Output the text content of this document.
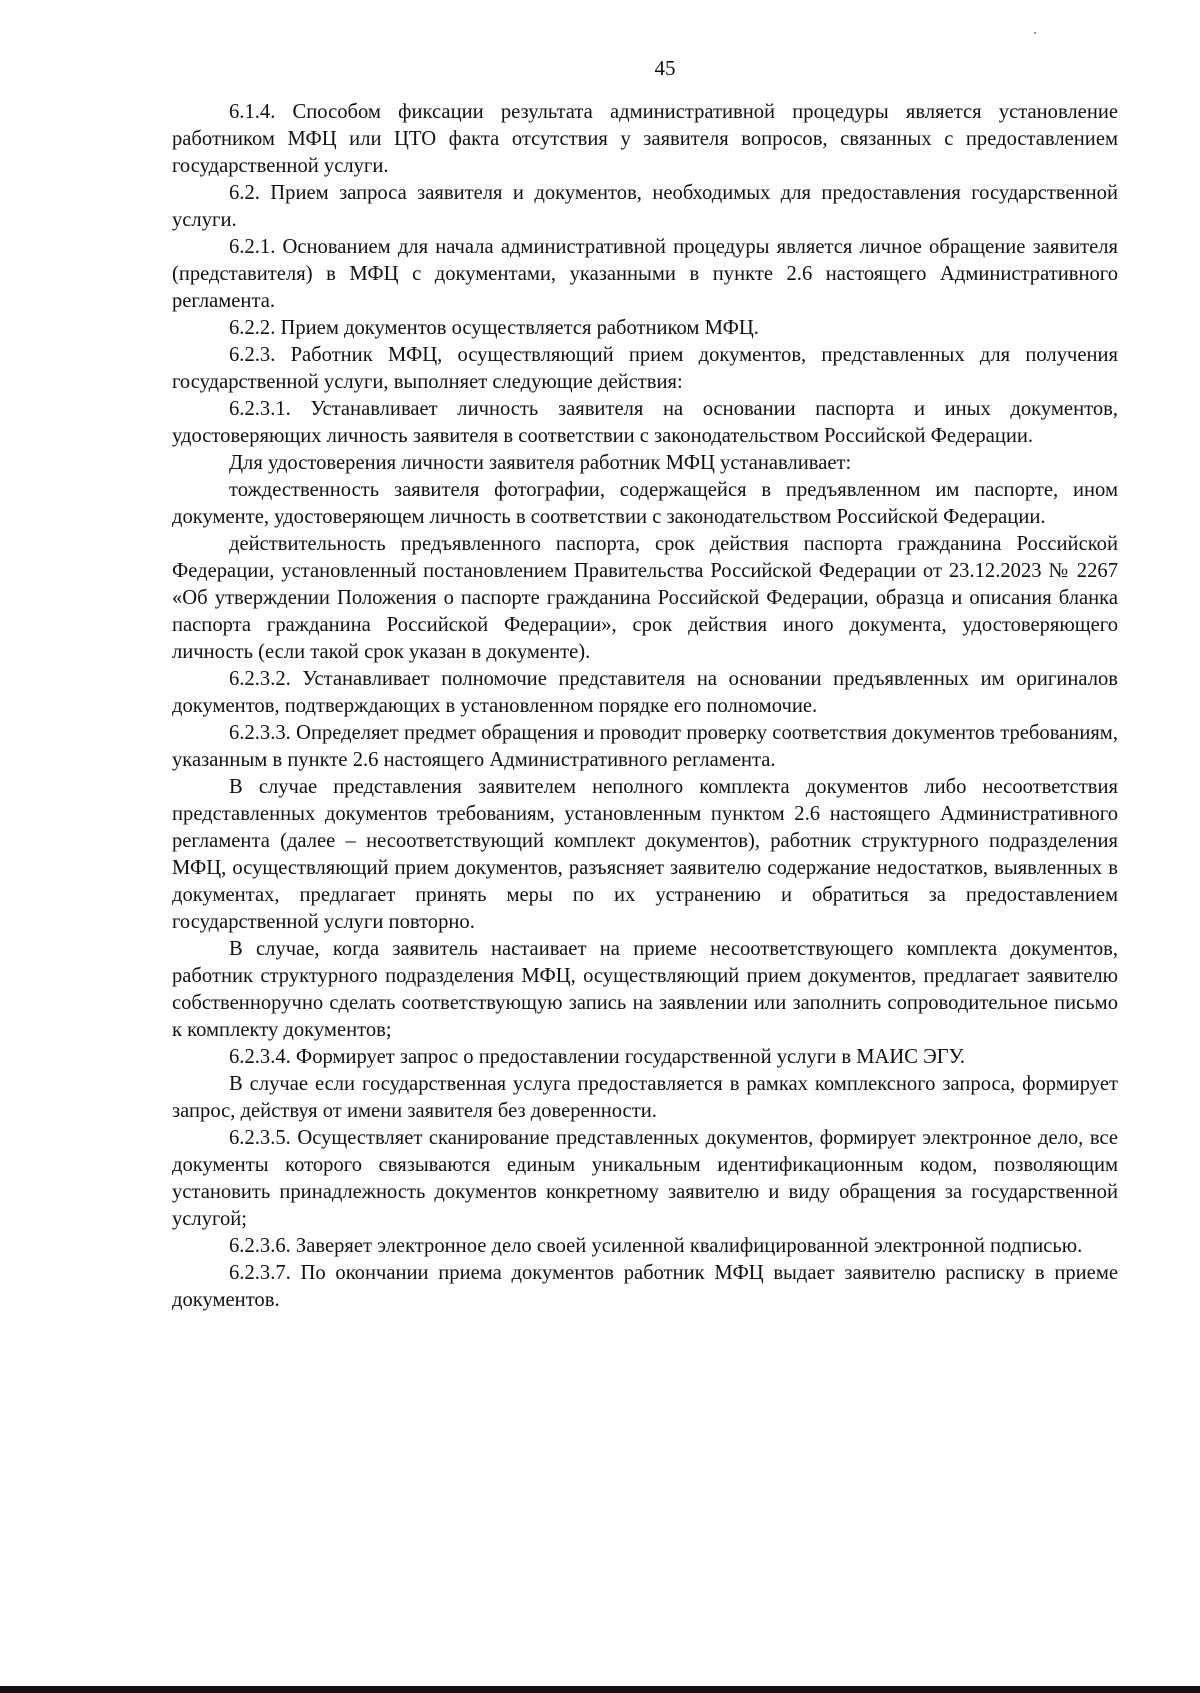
45

6.1.4. Способом фиксации результата административной процедуры является установление работником МФЦ или ЦТО факта отсутствия у заявителя вопросов, связанных с предоставлением государственной услуги.

6.2. Прием запроса заявителя и документов, необходимых для предоставления государственной услуги.

6.2.1. Основанием для начала административной процедуры является личное обращение заявителя (представителя) в МФЦ с документами, указанными в пункте 2.6 настоящего Административного регламента.

6.2.2. Прием документов осуществляется работником МФЦ.

6.2.3. Работник МФЦ, осуществляющий прием документов, представленных для получения государственной услуги, выполняет следующие действия:

6.2.3.1. Устанавливает личность заявителя на основании паспорта и иных документов, удостоверяющих личность заявителя в соответствии с законодательством Российской Федерации.

Для удостоверения личности заявителя работник МФЦ устанавливает:

тождественность заявителя фотографии, содержащейся в предъявленном им паспорте, ином документе, удостоверяющем личность в соответствии с законодательством Российской Федерации.

действительность предъявленного паспорта, срок действия паспорта гражданина Российской Федерации, установленный постановлением Правительства Российской Федерации от 23.12.2023 № 2267 «Об утверждении Положения о паспорте гражданина Российской Федерации, образца и описания бланка паспорта гражданина Российской Федерации», срок действия иного документа, удостоверяющего личность (если такой срок указан в документе).

6.2.3.2. Устанавливает полномочие представителя на основании предъявленных им оригиналов документов, подтверждающих в установленном порядке его полномочие.

6.2.3.3. Определяет предмет обращения и проводит проверку соответствия документов требованиям, указанным в пункте 2.6 настоящего Административного регламента.

В случае представления заявителем неполного комплекта документов либо несоответствия представленных документов требованиям, установленным пунктом 2.6 настоящего Административного регламента (далее – несоответствующий комплект документов), работник структурного подразделения МФЦ, осуществляющий прием документов, разъясняет заявителю содержание недостатков, выявленных в документах, предлагает принять меры по их устранению и обратиться за предоставлением государственной услуги повторно.

В случае, когда заявитель настаивает на приеме несоответствующего комплекта документов, работник структурного подразделения МФЦ, осуществляющий прием документов, предлагает заявителю собственноручно сделать соответствующую запись на заявлении или заполнить сопроводительное письмо к комплекту документов;

6.2.3.4. Формирует запрос о предоставлении государственной услуги в МАИС ЭГУ.

В случае если государственная услуга предоставляется в рамках комплексного запроса, формирует запрос, действуя от имени заявителя без доверенности.

6.2.3.5. Осуществляет сканирование представленных документов, формирует электронное дело, все документы которого связываются единым уникальным идентификационным кодом, позволяющим установить принадлежность документов конкретному заявителю и виду обращения за государственной услугой;

6.2.3.6. Заверяет электронное дело своей усиленной квалифицированной электронной подписью.

6.2.3.7. По окончании приема документов работник МФЦ выдает заявителю расписку в приеме документов.
